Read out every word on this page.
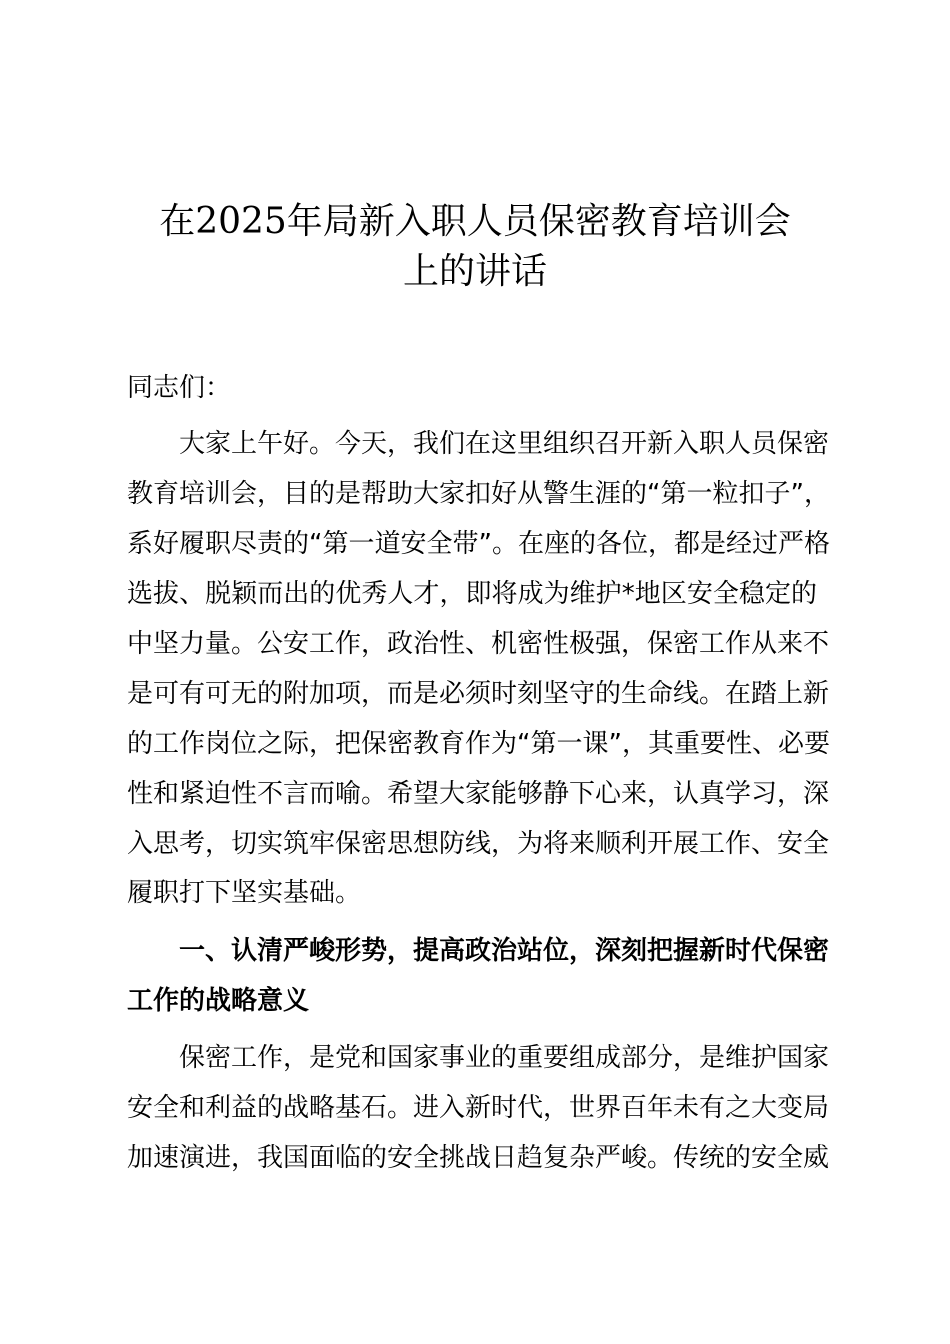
在2025年局新入职人员保密教育培训会
上的讲话
同志们：
大家上午好。今天，我们在这里组织召开新入职人员保密
教育培训会，目的是帮助大家扣好从警生涯的“第一粒扣子”，
系好履职尽责的“第一道安全带”。在座的各位，都是经过严格
选拔、脱颖而出的优秀人才，即将成为维护*地区安全稳定的
中坚力量。公安工作，政治性、机密性极强，保密工作从来不
是可有可无的附加项，而是必须时刻坚守的生命线。在踏上新
的工作岗位之际，把保密教育作为“第一课”，其重要性、必要
性和紧迫性不言而喻。希望大家能够静下心来，认真学习，深
入思考，切实筑牢保密思想防线，为将来顺利开展工作、安全
履职打下坚实基础。
一、认清严峻形势，提高政治站位，深刻把握新时代保密
工作的战略意义
保密工作，是党和国家事业的重要组成部分，是维护国家
安全和利益的战略基石。进入新时代，世界百年未有之大变局
加速演进，我国面临的安全挑战日趋复杂严峻。传统的安全威
